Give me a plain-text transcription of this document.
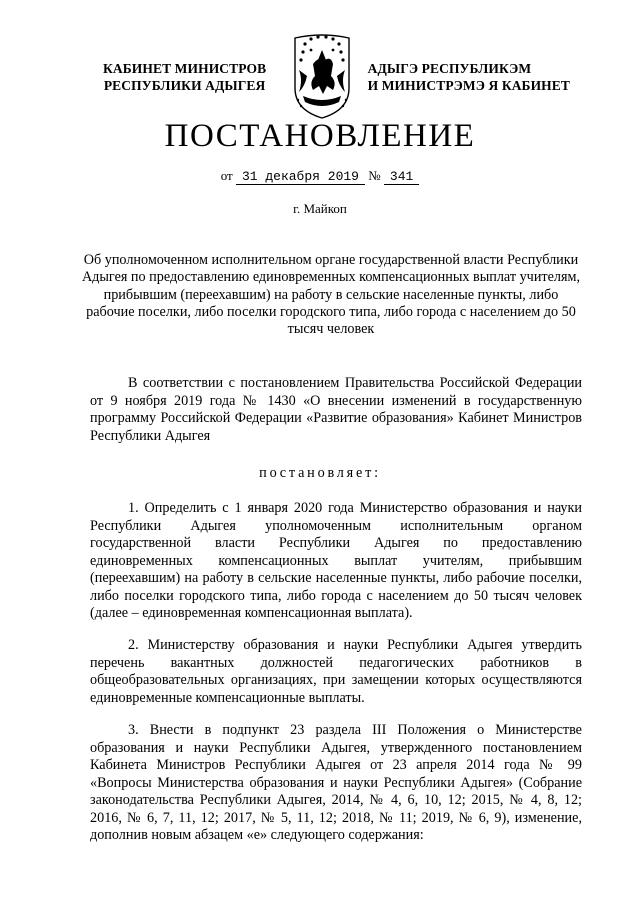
КАБИНЕТ МИНИСТРОВ
РЕСПУБЛИКИ АДЫГЕЯ
АДЫГЭ РЕСПУБЛИКЭМ
И МИНИСТРЭМЭ Я КАБИНЕТ
ПОСТАНОВЛЕНИЕ
от 31 декабря 2019 № 341
г. Майкоп
Об уполномоченном исполнительном органе государственной власти Республики Адыгея по предоставлению единовременных компенсационных выплат учителям, прибывшим (переехавшим) на работу в сельские населенные пункты, либо рабочие поселки, либо поселки городского типа, либо города с населением до 50 тысяч человек
В соответствии с постановлением Правительства Российской Федерации от 9 ноября 2019 года № 1430 «О внесении изменений в государственную программу Российской Федерации «Развитие образования» Кабинет Министров Республики Адыгея
постановляет:
1. Определить с 1 января 2020 года Министерство образования и науки Республики Адыгея уполномоченным исполнительным органом государственной власти Республики Адыгея по предоставлению единовременных компенсационных выплат учителям, прибывшим (переехавшим) на работу в сельские населенные пункты, либо рабочие поселки, либо поселки городского типа, либо города с населением до 50 тысяч человек (далее – единовременная компенсационная выплата).
2. Министерству образования и науки Республики Адыгея утвердить перечень вакантных должностей педагогических работников в общеобразовательных организациях, при замещении которых осуществляются единовременные компенсационные выплаты.
3. Внести в подпункт 23 раздела III Положения о Министерстве образования и науки Республики Адыгея, утвержденного постановлением Кабинета Министров Республики Адыгея от 23 апреля 2014 года № 99 «Вопросы Министерства образования и науки Республики Адыгея» (Собрание законодательства Республики Адыгея, 2014, № 4, 6, 10, 12; 2015, № 4, 8, 12; 2016, № 6, 7, 11, 12; 2017, № 5, 11, 12; 2018, № 11; 2019, № 6, 9), изменение, дополнив новым абзацем «е» следующего содержания:
